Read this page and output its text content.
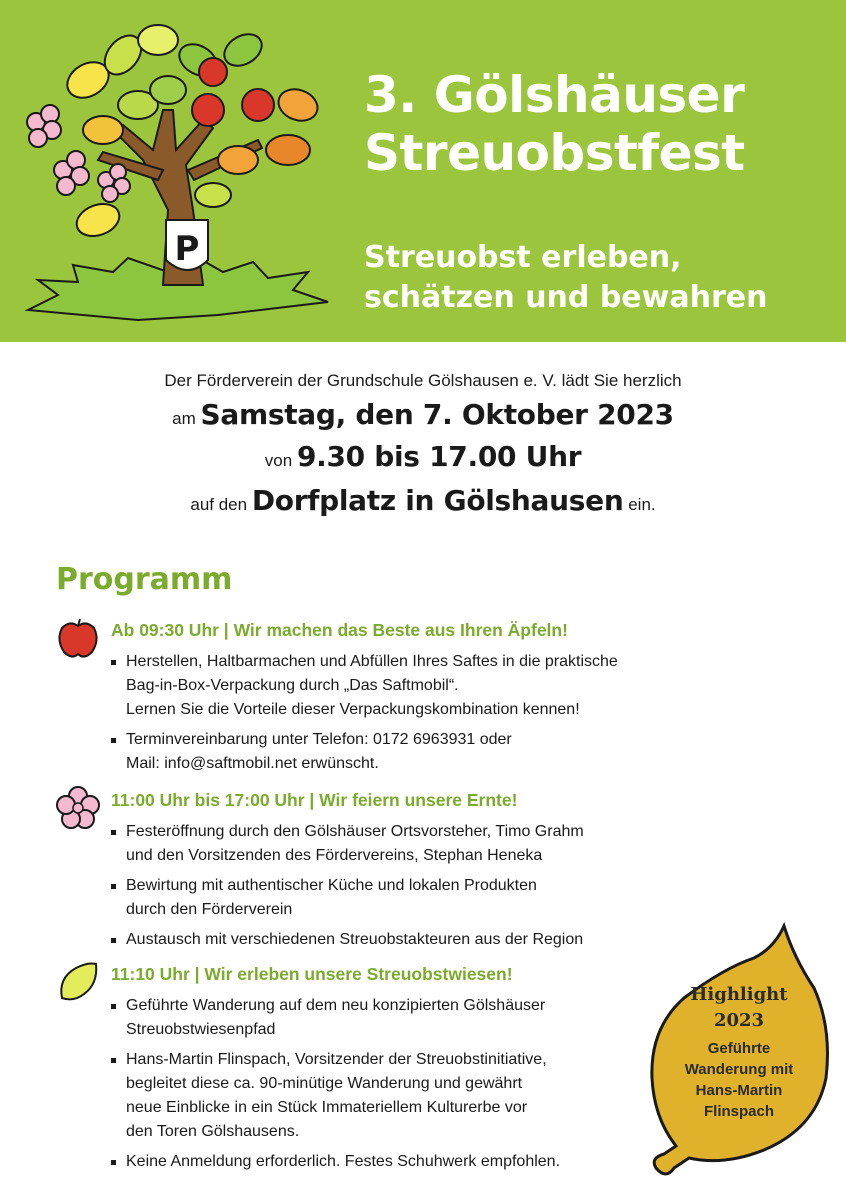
P
3. Gölshäuser
Streuobstfest
Streuobst erleben,
schätzen und bewahren
Der Förderverein der Grundschule Gölshausen e. V. lädt Sie herzlich
am Samstag, den 7. Oktober 2023
von 9.30 bis 17.00 Uhr
auf den Dorfplatz in Gölshausen ein.
Programm
Ab 09:30 Uhr | Wir machen das Beste aus Ihren Äpfeln!
Herstellen, Haltbarmachen und Abfüllen Ihres Saftes in die praktische
Bag-in-Box-Verpackung durch „Das Saftmobil“.
Lernen Sie die Vorteile dieser Verpackungskombination kennen!
Terminvereinbarung unter Telefon: 0172 6963931 oder
Mail: info@saftmobil.net erwünscht.
11:00 Uhr bis 17:00 Uhr | Wir feiern unsere Ernte!
Festeröffnung durch den Gölshäuser Ortsvorsteher, Timo Grahm
und den Vorsitzenden des Fördervereins, Stephan Heneka
Bewirtung mit authentischer Küche und lokalen Produkten
durch den Förderverein
Austausch mit verschiedenen Streuobstakteuren aus der Region
11:10 Uhr | Wir erleben unsere Streuobstwiesen!
Geführte Wanderung auf dem neu konzipierten Gölshäuser
Streuobstwiesenpfad
Hans-Martin Flinspach, Vorsitzender der Streuobstinitiative,
begleitet diese ca. 90-minütige Wanderung und gewährt
neue Einblicke in ein Stück Immateriellem Kulturerbe vor
den Toren Gölshausens.
Keine Anmeldung erforderlich. Festes Schuhwerk empfohlen.
Highlight
2023
Geführte
Wanderung mit
Hans-Martin
Flinspach
